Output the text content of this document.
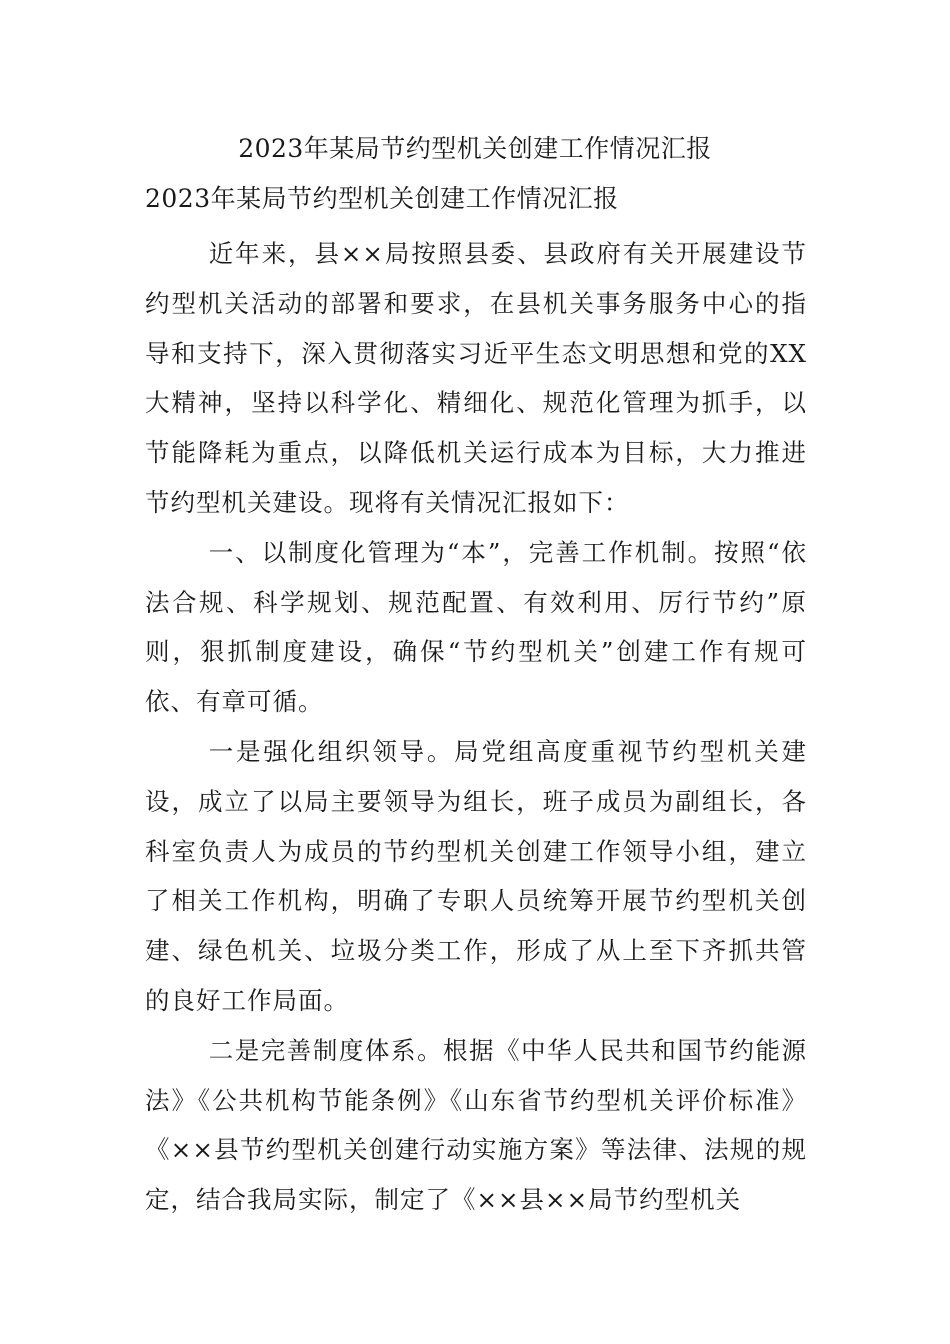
2023年某局节约型机关创建工作情况汇报
2023年某局节约型机关创建工作情况汇报

近年来，县××局按照县委、县政府有关开展建设节约型机关活动的部署和要求，在县机关事务服务中心的指导和支持下，深入贯彻落实习近平生态文明思想和党的XX大精神，坚持以科学化、精细化、规范化管理为抓手，以节能降耗为重点，以降低机关运行成本为目标，大力推进节约型机关建设。现将有关情况汇报如下：

一、以制度化管理为“本”，完善工作机制。按照“依法合规、科学规划、规范配置、有效利用、厉行节约”原则，狠抓制度建设，确保“节约型机关”创建工作有规可依、有章可循。

一是强化组织领导。局党组高度重视节约型机关建设，成立了以局主要领导为组长，班子成员为副组长，各科室负责人为成员的节约型机关创建工作领导小组，建立了相关工作机构，明确了专职人员统筹开展节约型机关创建、绿色机关、垃圾分类工作，形成了从上至下齐抓共管的良好工作局面。

二是完善制度体系。根据《中华人民共和国节约能源法》《公共机构节能条例》《山东省节约型机关评价标准》《××县节约型机关创建行动实施方案》等法律、法规的规定，结合我局实际，制定了《××县××局节约型机关
